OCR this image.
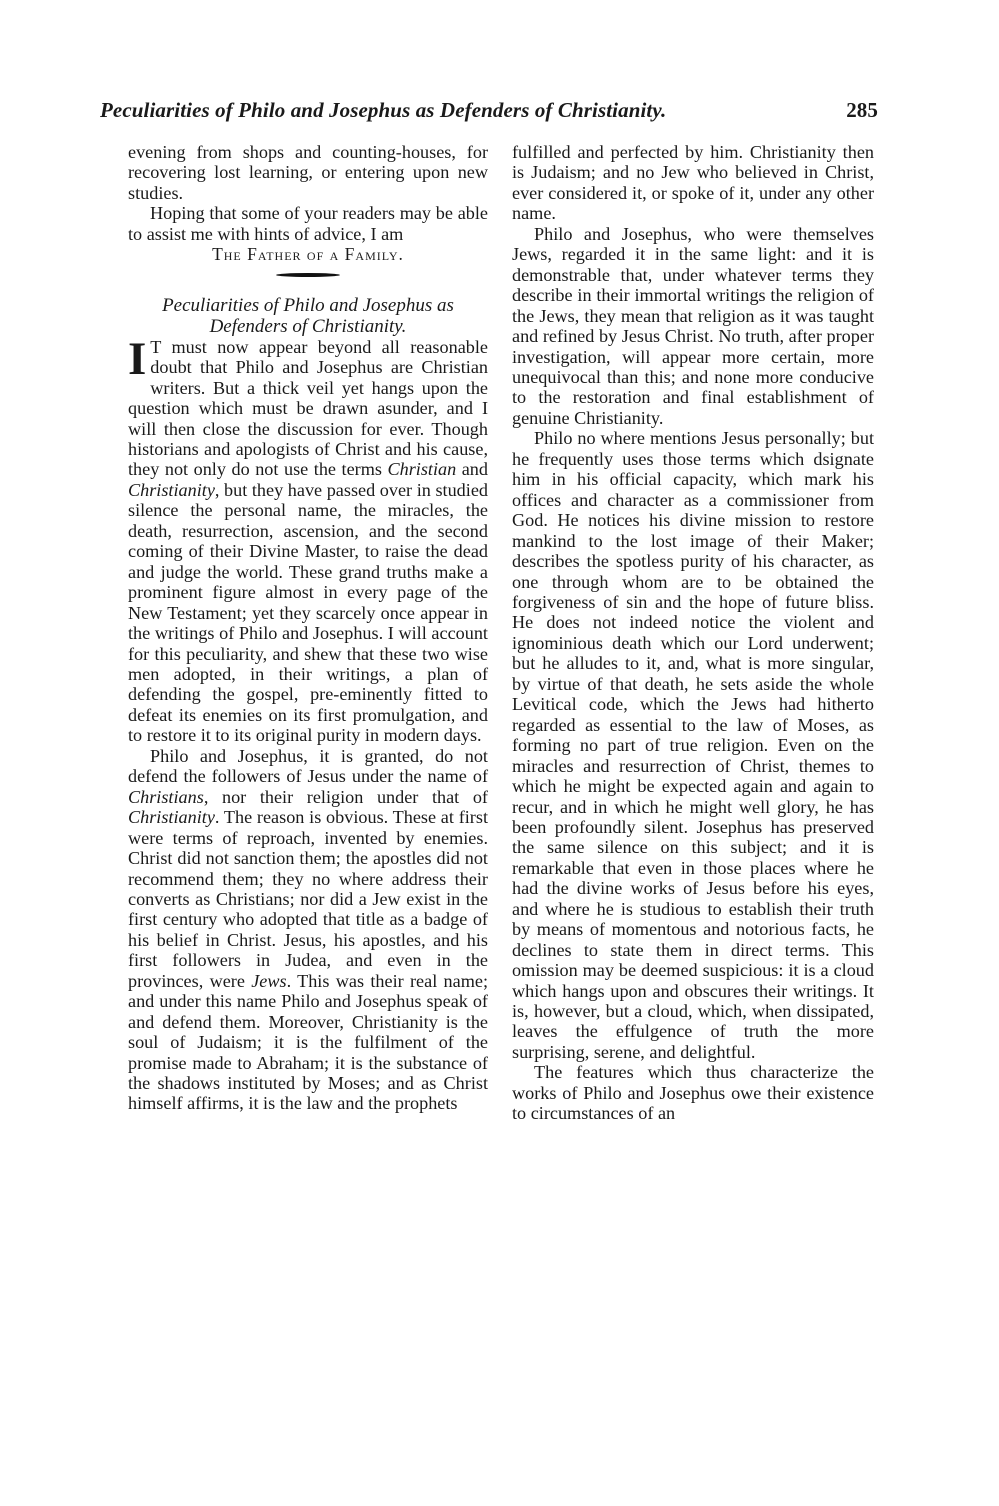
Peculiarities of Philo and Josephus as Defenders of Christianity.	285

evening from shops and counting-houses, for recovering lost learning, or entering upon new studies.

Hoping that some of your readers may be able to assist me with hints of advice, I am

The Father of a Family.

Peculiarities of Philo and Josephus as
Defenders of Christianity.

I T must now appear beyond all reasonable doubt that Philo and Josephus are Christian writers. But a thick veil yet hangs upon the question which must be drawn asunder, and I will then close the discussion for ever. Though historians and apologists of Christ and his cause, they not only do not use the terms Christian and Christianity, but they have passed over in studied silence the personal name, the miracles, the death, resurrection, ascension, and the second coming of their Divine Master, to raise the dead and judge the world. These grand truths make a prominent figure almost in every page of the New Testament; yet they scarcely once appear in the writings of Philo and Josephus. I will account for this peculiarity, and shew that these two wise men adopted, in their writings, a plan of defending the gospel, pre-eminently fitted to defeat its enemies on its first promulgation, and to restore it to its original purity in modern days.

Philo and Josephus, it is granted, do not defend the followers of Jesus under the name of Christians, nor their religion under that of Christianity. The reason is obvious. These at first were terms of reproach, invented by enemies. Christ did not sanction them; the apostles did not recommend them; they no where address their converts as Christians; nor did a Jew exist in the first century who adopted that title as a badge of his belief in Christ. Jesus, his apostles, and his first followers in Judea, and even in the provinces, were Jews. This was their real name; and under this name Philo and Josephus speak of and defend them. Moreover, Christianity is the soul of Judaism; it is the fulfilment of the promise made to Abraham; it is the substance of the shadows instituted by Moses; and as Christ himself affirms, it is the law and the prophets

fulfilled and perfected by him. Christianity then is Judaism; and no Jew who believed in Christ, ever considered it, or spoke of it, under any other name.

Philo and Josephus, who were themselves Jews, regarded it in the same light: and it is demonstrable that, under whatever terms they describe in their immortal writings the religion of the Jews, they mean that religion as it was taught and refined by Jesus Christ. No truth, after proper investigation, will appear more certain, more unequivocal than this; and none more conducive to the restoration and final establishment of genuine Christianity.

Philo no where mentions Jesus personally; but he frequently uses those terms which dsignate him in his official capacity, which mark his offices and character as a commissioner from God. He notices his divine mission to restore mankind to the lost image of their Maker; describes the spotless purity of his character, as one through whom are to be obtained the forgiveness of sin and the hope of future bliss. He does not indeed notice the violent and ignominious death which our Lord underwent; but he alludes to it, and, what is more singular, by virtue of that death, he sets aside the whole Levitical code, which the Jews had hitherto regarded as essential to the law of Moses, as forming no part of true religion. Even on the miracles and resurrection of Christ, themes to which he might be expected again and again to recur, and in which he might well glory, he has been profoundly silent. Josephus has preserved the same silence on this subject; and it is remarkable that even in those places where he had the divine works of Jesus before his eyes, and where he is studious to establish their truth by means of momentous and notorious facts, he declines to state them in direct terms. This omission may be deemed suspicious: it is a cloud which hangs upon and obscures their writings. It is, however, but a cloud, which, when dissipated, leaves the effulgence of truth the more surprising, serene, and delightful.

The features which thus characterize the works of Philo and Josephus owe their existence to circumstances of an
